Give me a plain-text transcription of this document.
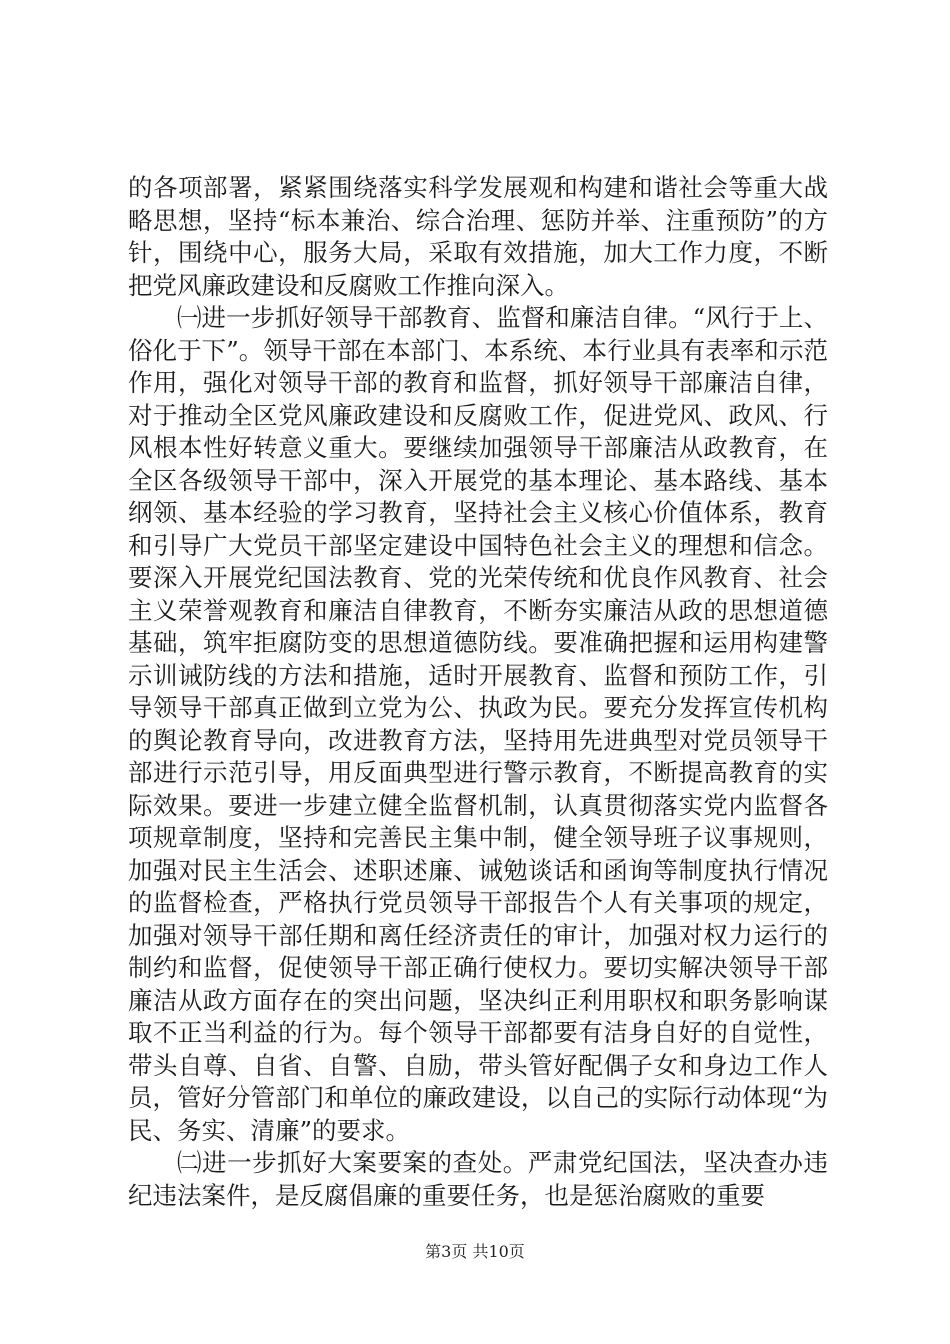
的各项部署，紧紧围绕落实科学发展观和构建和谐社会等重大战略思想，坚持“标本兼治、综合治理、惩防并举、注重预防”的方针，围绕中心，服务大局，采取有效措施，加大工作力度，不断把党风廉政建设和反腐败工作推向深入。

㈠进一步抓好领导干部教育、监督和廉洁自律。“风行于上、俗化于下”。领导干部在本部门、本系统、本行业具有表率和示范作用，强化对领导干部的教育和监督，抓好领导干部廉洁自律，对于推动全区党风廉政建设和反腐败工作，促进党风、政风、行风根本性好转意义重大。要继续加强领导干部廉洁从政教育，在全区各级领导干部中，深入开展党的基本理论、基本路线、基本纲领、基本经验的学习教育，坚持社会主义核心价值体系，教育和引导广大党员干部坚定建设中国特色社会主义的理想和信念。要深入开展党纪国法教育、党的光荣传统和优良作风教育、社会主义荣誉观教育和廉洁自律教育，不断夯实廉洁从政的思想道德基础，筑牢拒腐防变的思想道德防线。要准确把握和运用构建警示训诫防线的方法和措施，适时开展教育、监督和预防工作，引导领导干部真正做到立党为公、执政为民。要充分发挥宣传机构的舆论教育导向，改进教育方法，坚持用先进典型对党员领导干部进行示范引导，用反面典型进行警示教育，不断提高教育的实际效果。要进一步建立健全监督机制，认真贯彻落实党内监督各项规章制度，坚持和完善民主集中制，健全领导班子议事规则，加强对民主生活会、述职述廉、诫勉谈话和函询等制度执行情况的监督检查，严格执行党员领导干部报告个人有关事项的规定，加强对领导干部任期和离任经济责任的审计，加强对权力运行的制约和监督，促使领导干部正确行使权力。要切实解决领导干部廉洁从政方面存在的突出问题，坚决纠正利用职权和职务影响谋取不正当利益的行为。每个领导干部都要有洁身自好的自觉性，带头自尊、自省、自警、自励，带头管好配偶子女和身边工作人员，管好分管部门和单位的廉政建设，以自己的实际行动体现“为民、务实、清廉”的要求。

㈡进一步抓好大案要案的查处。严肃党纪国法，坚决查办违纪违法案件，是反腐倡廉的重要任务，也是惩治腐败的重要

第3页 共10页
